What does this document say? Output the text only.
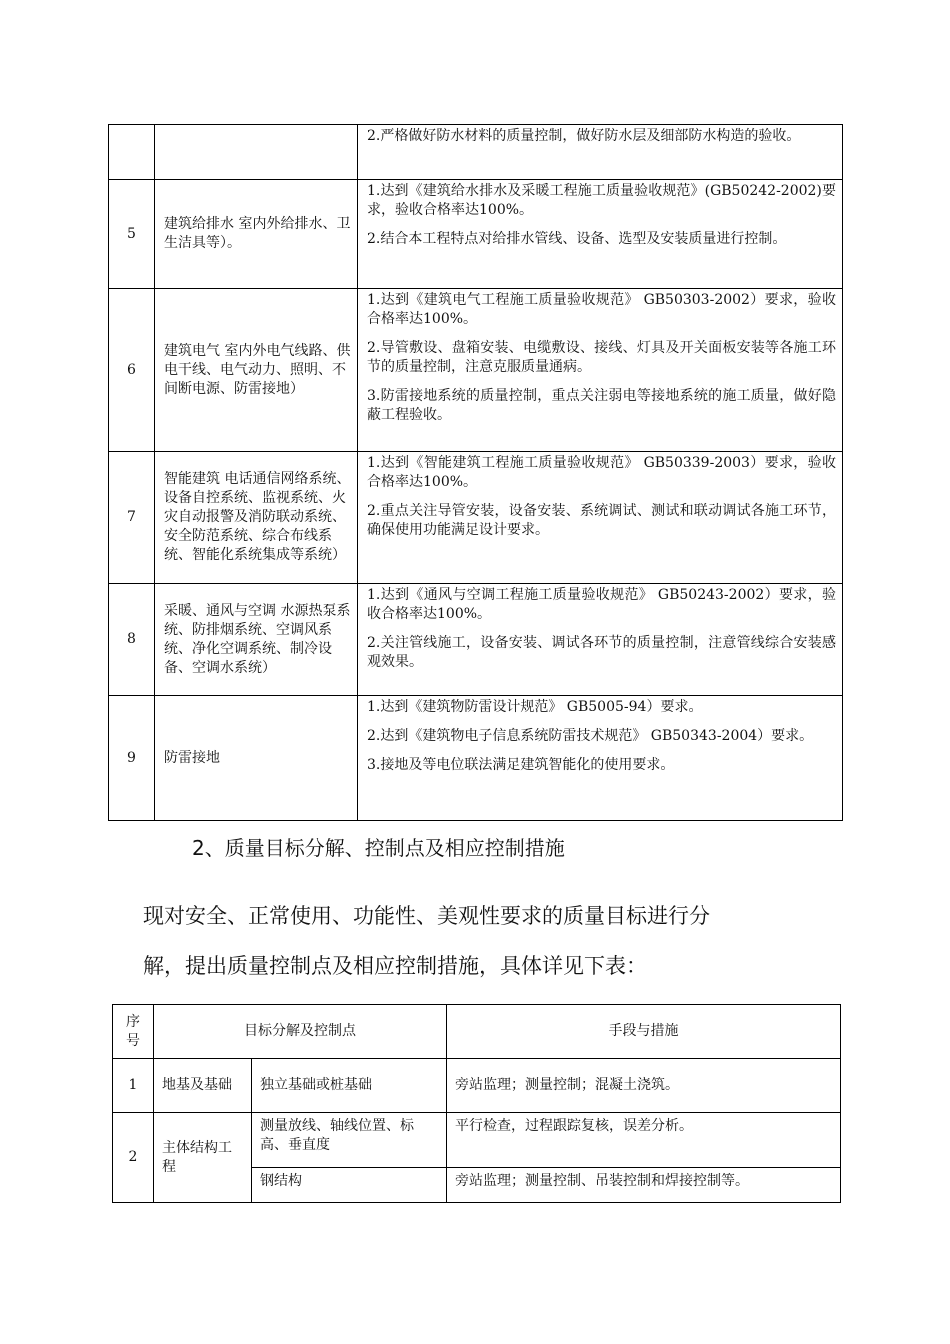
		2.严格做好防水材料的质量控制，做好防水层及细部防水构造的验收。

5	建筑给排水 室内外给排水、卫生洁具等）。	1.达到《建筑给水排水及采暖工程施工质量验收规范》(GB50242-2002)要求，验收合格率达100%。

2.结合本工程特点对给排水管线、设备、选型及安装质量进行控制。

6	建筑电气 室内外电气线路、供电干线、电气动力、照明、不间断电源、防雷接地）	1.达到《建筑电气工程施工质量验收规范》 GB50303-2002）要求，验收合格率达100%。

2.导管敷设、盘箱安装、电缆敷设、接线、灯具及开关面板安装等各施工环节的质量控制，注意克服质量通病。

3.防雷接地系统的质量控制，重点关注弱电等接地系统的施工质量，做好隐蔽工程验收。

7	智能建筑 电话通信网络系统、设备自控系统、监视系统、火灾自动报警及消防联动系统、安全防范系统、综合布线系统、智能化系统集成等系统）	1.达到《智能建筑工程施工质量验收规范》 GB50339-2003）要求，验收合格率达100%。

2.重点关注导管安装，设备安装、系统调试、测试和联动调试各施工环节，确保使用功能满足设计要求。

8	采暖、通风与空调 水源热泵系统、防排烟系统、空调风系统、净化空调系统、制冷设备、空调水系统）	1.达到《通风与空调工程施工质量验收规范》 GB50243-2002）要求，验收合格率达100%。

2.关注管线施工，设备安装、调试各环节的质量控制，注意管线综合安装感观效果。

9	防雷接地	1.达到《建筑物防雷设计规范》 GB5005-94）要求。

2.达到《建筑物电子信息系统防雷技术规范》 GB50343-2004）要求。

3.接地及等电位联法满足建筑智能化的使用要求。

2、质量目标分解、控制点及相应控制措施
现对安全、正常使用、功能性、美观性要求的质量目标进行分
解，提出质量控制点及相应控制措施，具体详见下表：
序号	目标分解及控制点		手段与措施
1	地基及基础	独立基础或桩基础	旁站监理；测量控制；混凝土浇筑。
2	主体结构工程	测量放线、轴线位置、标高、垂直度	平行检查，过程跟踪复核，误差分析。
		钢结构	旁站监理；测量控制、吊装控制和焊接控制等。
